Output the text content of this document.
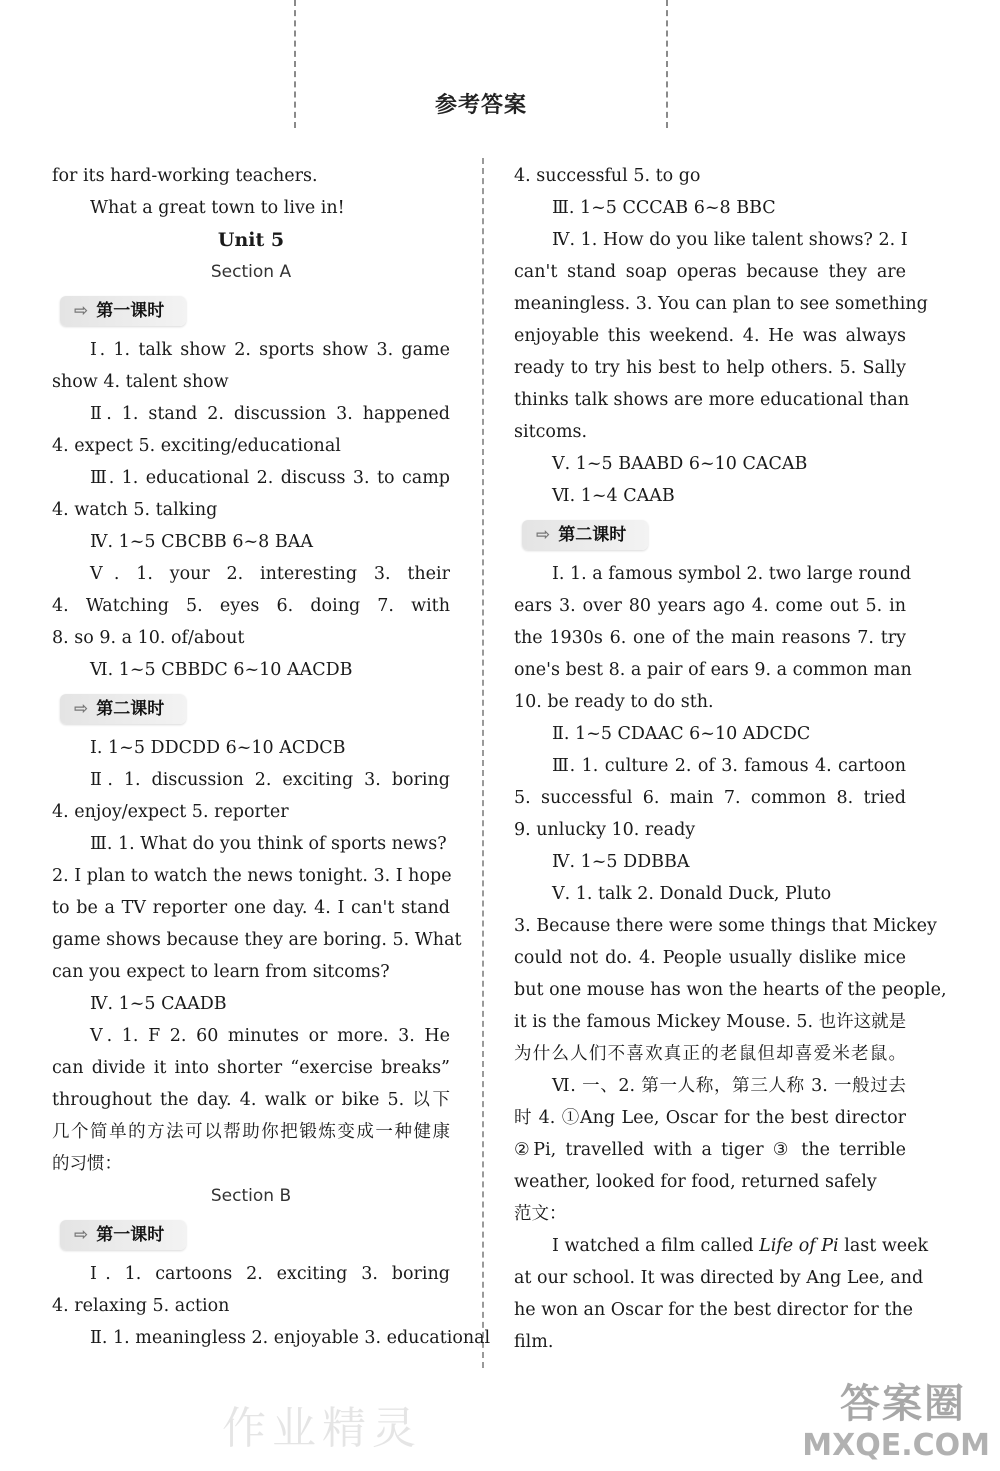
参考答案
for its hard-working teachers.
What a great town to live in!
Unit 5
Section A
⇨ 第一课时
Ⅰ. 1. talk show 2. sports show 3. game
show 4. talent show
Ⅱ. 1. stand 2. discussion 3. happened
4. expect 5. exciting/educational
Ⅲ. 1. educational 2. discuss 3. to camp
4. watch 5. talking
Ⅳ. 1~5 CBCBB 6~8 BAA
Ⅴ. 1. your 2. interesting 3. their
4. Watching 5. eyes 6. doing 7. with
8. so 9. a 10. of/about
Ⅵ. 1~5 CBBDC 6~10 AACDB
⇨ 第二课时
Ⅰ. 1~5 DDCDD 6~10 ACDCB
Ⅱ. 1. discussion 2. exciting 3. boring
4. enjoy/expect 5. reporter
Ⅲ. 1. What do you think of sports news?
2. I plan to watch the news tonight. 3. I hope
to be a TV reporter one day. 4. I can't stand
game shows because they are boring. 5. What
can you expect to learn from sitcoms?
Ⅳ. 1~5 CAADB
Ⅴ. 1. F 2. 60 minutes or more. 3. He
can divide it into shorter “exercise breaks”
throughout the day. 4. walk or bike 5. 以下
几个简单的方法可以帮助你把锻炼变成一种健康
的习惯：
Section B
⇨ 第一课时
Ⅰ. 1. cartoons 2. exciting 3. boring
4. relaxing 5. action
Ⅱ. 1. meaningless 2. enjoyable 3. educational
4. successful 5. to go
Ⅲ. 1~5 CCCAB 6~8 BBC
Ⅳ. 1. How do you like talent shows? 2. I
can't stand soap operas because they are
meaningless. 3. You can plan to see something
enjoyable this weekend. 4. He was always
ready to try his best to help others. 5. Sally
thinks talk shows are more educational than
sitcoms.
Ⅴ. 1~5 BAABD 6~10 CACAB
Ⅵ. 1~4 CAAB
⇨ 第二课时
Ⅰ. 1. a famous symbol 2. two large round
ears 3. over 80 years ago 4. come out 5. in
the 1930s 6. one of the main reasons 7. try
one's best 8. a pair of ears 9. a common man
10. be ready to do sth.
Ⅱ. 1~5 CDAAC 6~10 ADCDC
Ⅲ. 1. culture 2. of 3. famous 4. cartoon
5. successful 6. main 7. common 8. tried
9. unlucky 10. ready
Ⅳ. 1~5 DDBBA
Ⅴ. 1. talk 2. Donald Duck, Pluto
3. Because there were some things that Mickey
could not do. 4. People usually dislike mice
but one mouse has won the hearts of the people,
it is the famous Mickey Mouse. 5. 也许这就是
为什么人们不喜欢真正的老鼠但却喜爱米老鼠。
Ⅵ. 一、2. 第一人称，第三人称 3. 一般过去
时 4. ①Ang Lee, Oscar for the best director
②Pi, travelled with a tiger ③ the terrible
weather, looked for food, returned safely
范文：
I watched a film called Life of Pi last week
at our school. It was directed by Ang Lee, and
he won an Oscar for the best director for the
film.
作业精灵	答案圈
MXQE.COM
